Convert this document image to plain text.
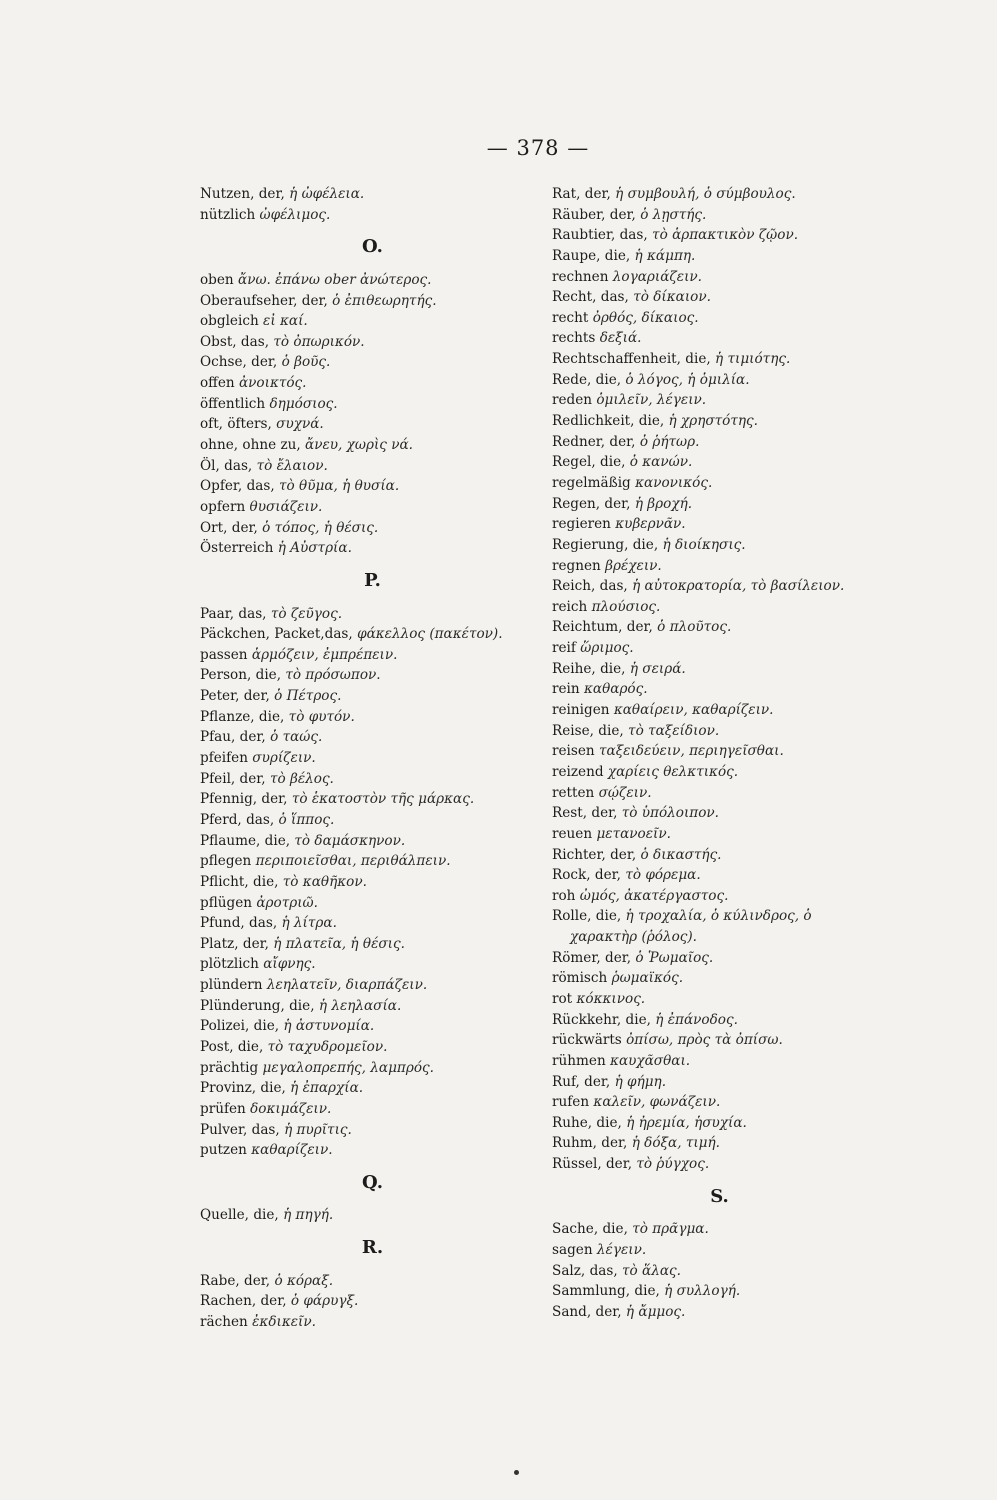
— 378 —
Nutzen, der, ἡ ὠφέλεια.
nützlich ὠφέλιμος.
O.
oben ἄνω. ἐπάνω ober ἀνώτερος.
Oberaufseher, der, ὁ ἐπιθεωρητής.
obgleich εἰ καί.
Obst, das, τὸ ὀπωρικόν.
Ochse, der, ὁ βοῦς.
offen ἀνοικτός.
öffentlich δημόσιος.
oft, öfters, συχνά.
ohne, ohne zu, ἄνευ, χωρὶς νά.
Öl, das, τὸ ἔλαιον.
Opfer, das, τὸ θῦμα, ἡ θυσία.
opfern θυσιάζειν.
Ort, der, ὁ τόπος, ἡ θέσις.
Österreich ἡ Αὐστρία.
P.
Paar, das, τὸ ζεῦγος.
Päckchen, Packet,das, φάκελλος (πακέτον).
passen ἁρμόζειν, ἐμπρέπειν.
Person, die, τὸ πρόσωπον.
Peter, der, ὁ Πέτρος.
Pflanze, die, τὸ φυτόν.
Pfau, der, ὁ ταώς.
pfeifen συρίζειν.
Pfeil, der, τὸ βέλος.
Pfennig, der, τὸ ἑκατοστὸν τῆς μάρκας.
Pferd, das, ὁ ἵππος.
Pflaume, die, τὸ δαμάσκηνον.
pflegen περιποιεῖσθαι, περιθάλπειν.
Pflicht, die, τὸ καθῆκον.
pflügen ἀροτριῶ.
Pfund, das, ἡ λίτρα.
Platz, der, ἡ πλατεῖα, ἡ θέσις.
plötzlich αἴφνης.
plündern λεηλατεῖν, διαρπάζειν.
Plünderung, die, ἡ λεηλασία.
Polizei, die, ἡ ἀστυνομία.
Post, die, τὸ ταχυδρομεῖον.
prächtig μεγαλοπρεπής, λαμπρός.
Provinz, die, ἡ ἐπαρχία.
prüfen δοκιμάζειν.
Pulver, das, ἡ πυρῖτις.
putzen καθαρίζειν.
Q.
Quelle, die, ἡ πηγή.
R.
Rabe, der, ὁ κόραξ.
Rachen, der, ὁ φάρυγξ.
rächen ἐκδικεῖν.
Rat, der, ἡ συμβουλή, ὁ σύμβουλος.
Räuber, der, ὁ λῃστής.
Raubtier, das, τὸ ἁρπακτικὸν ζῷον.
Raupe, die, ἡ κάμπη.
rechnen λογαριάζειν.
Recht, das, τὸ δίκαιον.
recht ὀρθός, δίκαιος.
rechts δεξιά.
Rechtschaffenheit, die, ἡ τιμιότης.
Rede, die, ὁ λόγος, ἡ ὁμιλία.
reden ὁμιλεῖν, λέγειν.
Redlichkeit, die, ἡ χρηστότης.
Redner, der, ὁ ῥήτωρ.
Regel, die, ὁ κανών.
regelmäßig κανονικός.
Regen, der, ἡ βροχή.
regieren κυβερνᾶν.
Regierung, die, ἡ διοίκησις.
regnen βρέχειν.
Reich, das, ἡ αὐτοκρατορία, τὸ βασίλειον.
reich πλούσιος.
Reichtum, der, ὁ πλοῦτος.
reif ὥριμος.
Reihe, die, ἡ σειρά.
rein καθαρός.
reinigen καθαίρειν, καθαρίζειν.
Reise, die, τὸ ταξείδιον.
reisen ταξειδεύειν, περιηγεῖσθαι.
reizend χαρίεις θελκτικός.
retten σῴζειν.
Rest, der, τὸ ὑπόλοιπον.
reuen μετανοεῖν.
Richter, der, ὁ δικαστής.
Rock, der, τὸ φόρεμα.
roh ὠμός, ἀκατέργαστος.
Rolle, die, ἡ τροχαλία, ὁ κύλινδρος, ὁ
χαρακτὴρ (ῥόλος).
Römer, der, ὁ Ῥωμαῖος.
römisch ῥωμαϊκός.
rot κόκκινος.
Rückkehr, die, ἡ ἐπάνοδος.
rückwärts ὀπίσω, πρὸς τὰ ὀπίσω.
rühmen καυχᾶσθαι.
Ruf, der, ἡ φήμη.
rufen καλεῖν, φωνάζειν.
Ruhe, die, ἡ ἠρεμία, ἡσυχία.
Ruhm, der, ἡ δόξα, τιμή.
Rüssel, der, τὸ ῥύγχος.
S.
Sache, die, τὸ πρᾶγμα.
sagen λέγειν.
Salz, das, τὸ ἅλας.
Sammlung, die, ἡ συλλογή.
Sand, der, ἡ ἄμμος.
